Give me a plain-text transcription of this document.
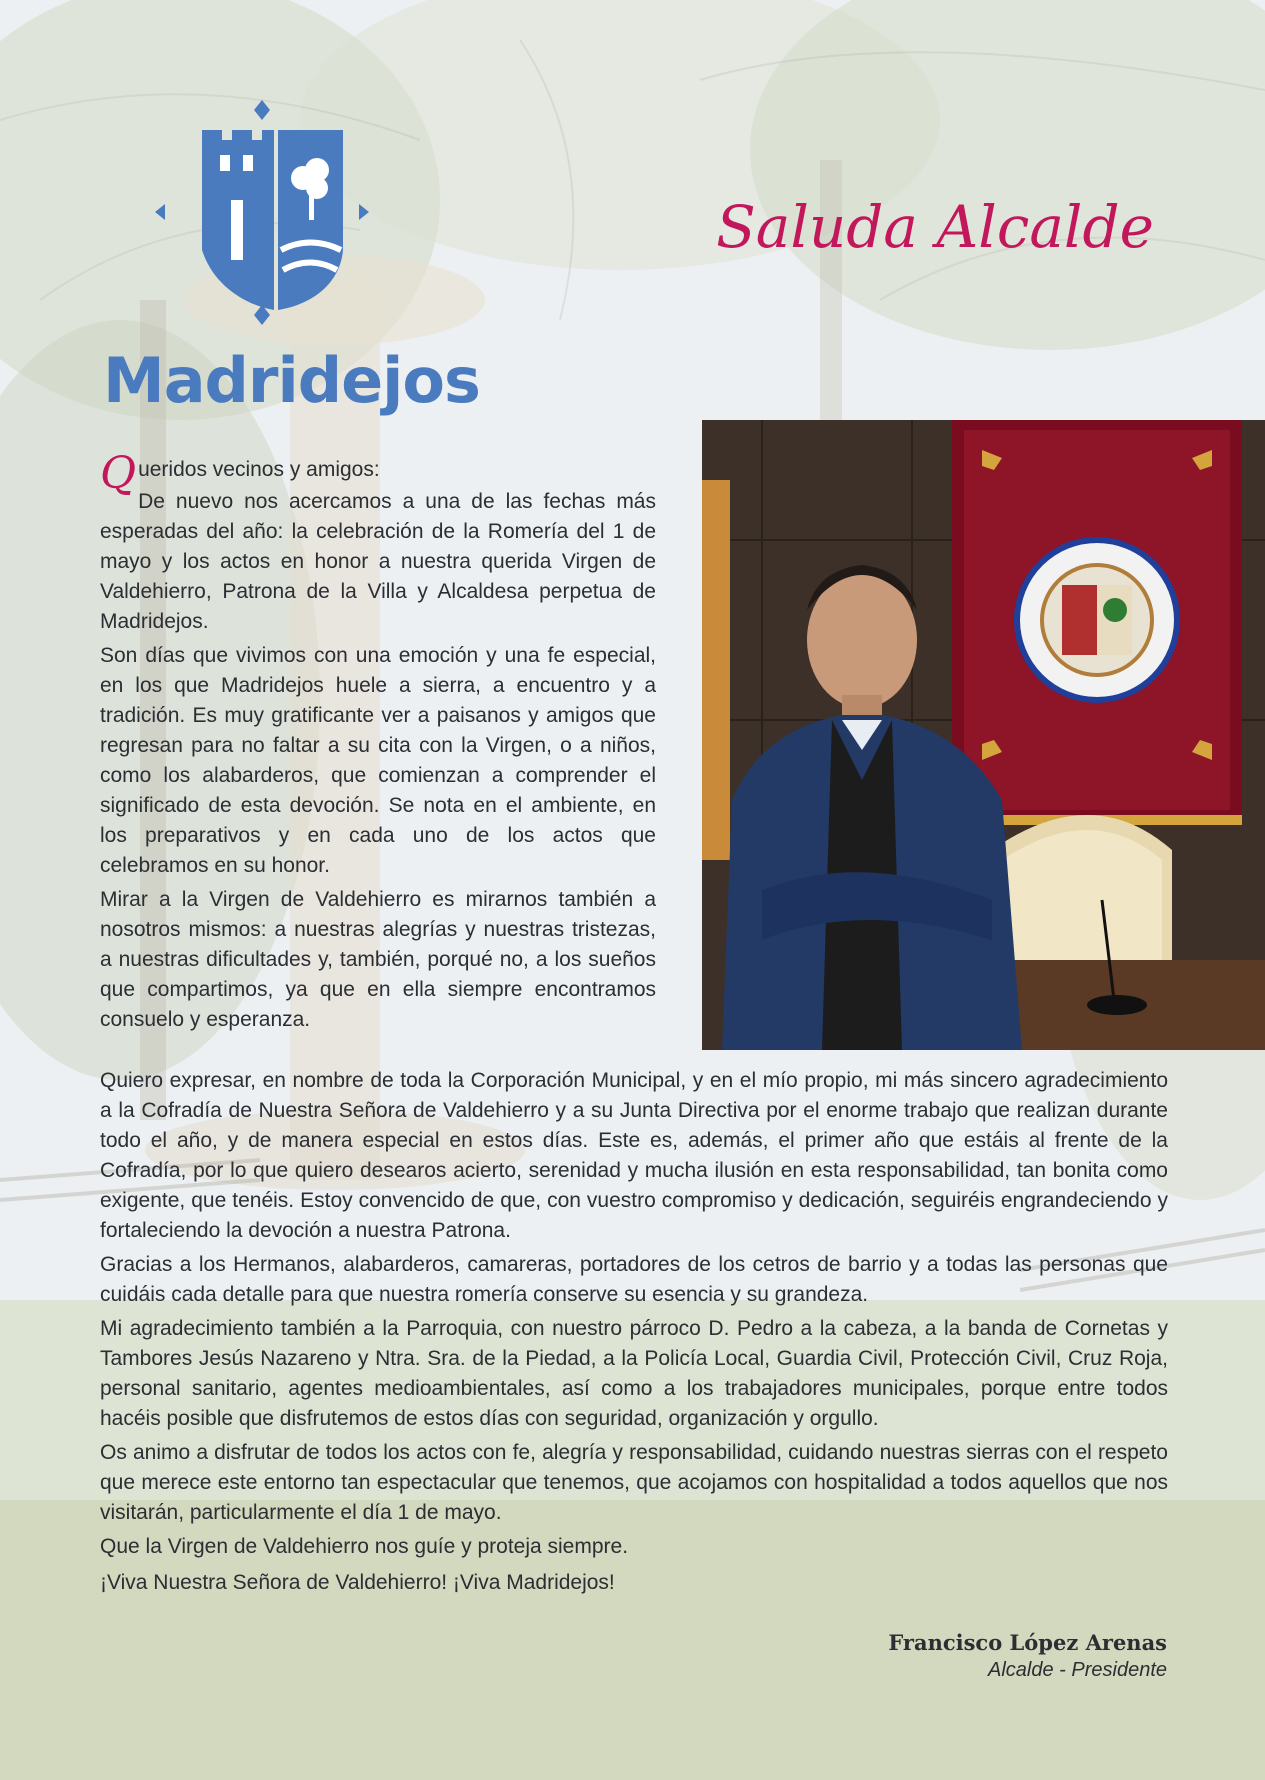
Madridejos
Saluda Alcalde

Queridos vecinos y amigos:

De nuevo nos acercamos a una de las fechas más esperadas del año: la celebración de la Romería del 1 de mayo y los actos en honor a nuestra querida Virgen de Valdehierro, Patrona de la Villa y Alcaldesa perpetua de Madridejos.

Son días que vivimos con una emoción y una fe especial, en los que Madridejos huele a sierra, a encuentro y a tradición. Es muy gratificante ver a paisanos y amigos que regresan para no faltar a su cita con la Virgen, o a niños, como los alabarderos, que comienzan a comprender el significado de esta devoción. Se nota en el ambiente, en los preparativos y en cada uno de los actos que celebramos en su honor.

Mirar a la Virgen de Valdehierro es mirarnos también a nosotros mismos: a nuestras alegrías y nuestras tristezas, a nuestras dificultades y, también, porqué no, a los sueños que compartimos, ya que en ella siempre encontramos consuelo y esperanza.

Quiero expresar, en nombre de toda la Corporación Municipal, y en el mío propio, mi más sincero agradecimiento a la Cofradía de Nuestra Señora de Valdehierro y a su Junta Directiva por el enorme trabajo que realizan durante todo el año, y de manera especial en estos días. Este es, además, el primer año que estáis al frente de la Cofradía, por lo que quiero desearos acierto, serenidad y mucha ilusión en esta responsabilidad, tan bonita como exigente, que tenéis. Estoy convencido de que, con vuestro compromiso y dedicación, seguiréis engrandeciendo y fortaleciendo la devoción a nuestra Patrona.

Gracias a los Hermanos, alabarderos, camareras, portadores de los cetros de barrio y a todas las personas que cuidáis cada detalle para que nuestra romería conserve su esencia y su grandeza.

Mi agradecimiento también a la Parroquia, con nuestro párroco D. Pedro a la cabeza, a la banda de Cornetas y Tambores Jesús Nazareno y Ntra. Sra. de la Piedad, a la Policía Local, Guardia Civil, Protección Civil, Cruz Roja, personal sanitario, agentes medioambientales, así como a los trabajadores municipales, porque entre todos hacéis posible que disfrutemos de estos días con seguridad, organización y orgullo.

Os animo a disfrutar de todos los actos con fe, alegría y responsabilidad, cuidando nuestras sierras con el respeto que merece este entorno tan espectacular que tenemos, que acojamos con hospitalidad a todos aquellos que nos visitarán, particularmente el día 1 de mayo.

Que la Virgen de Valdehierro nos guíe y proteja siempre.

¡Viva Nuestra Señora de Valdehierro! ¡Viva Madridejos!

Francisco López Arenas
Alcalde - Presidente
